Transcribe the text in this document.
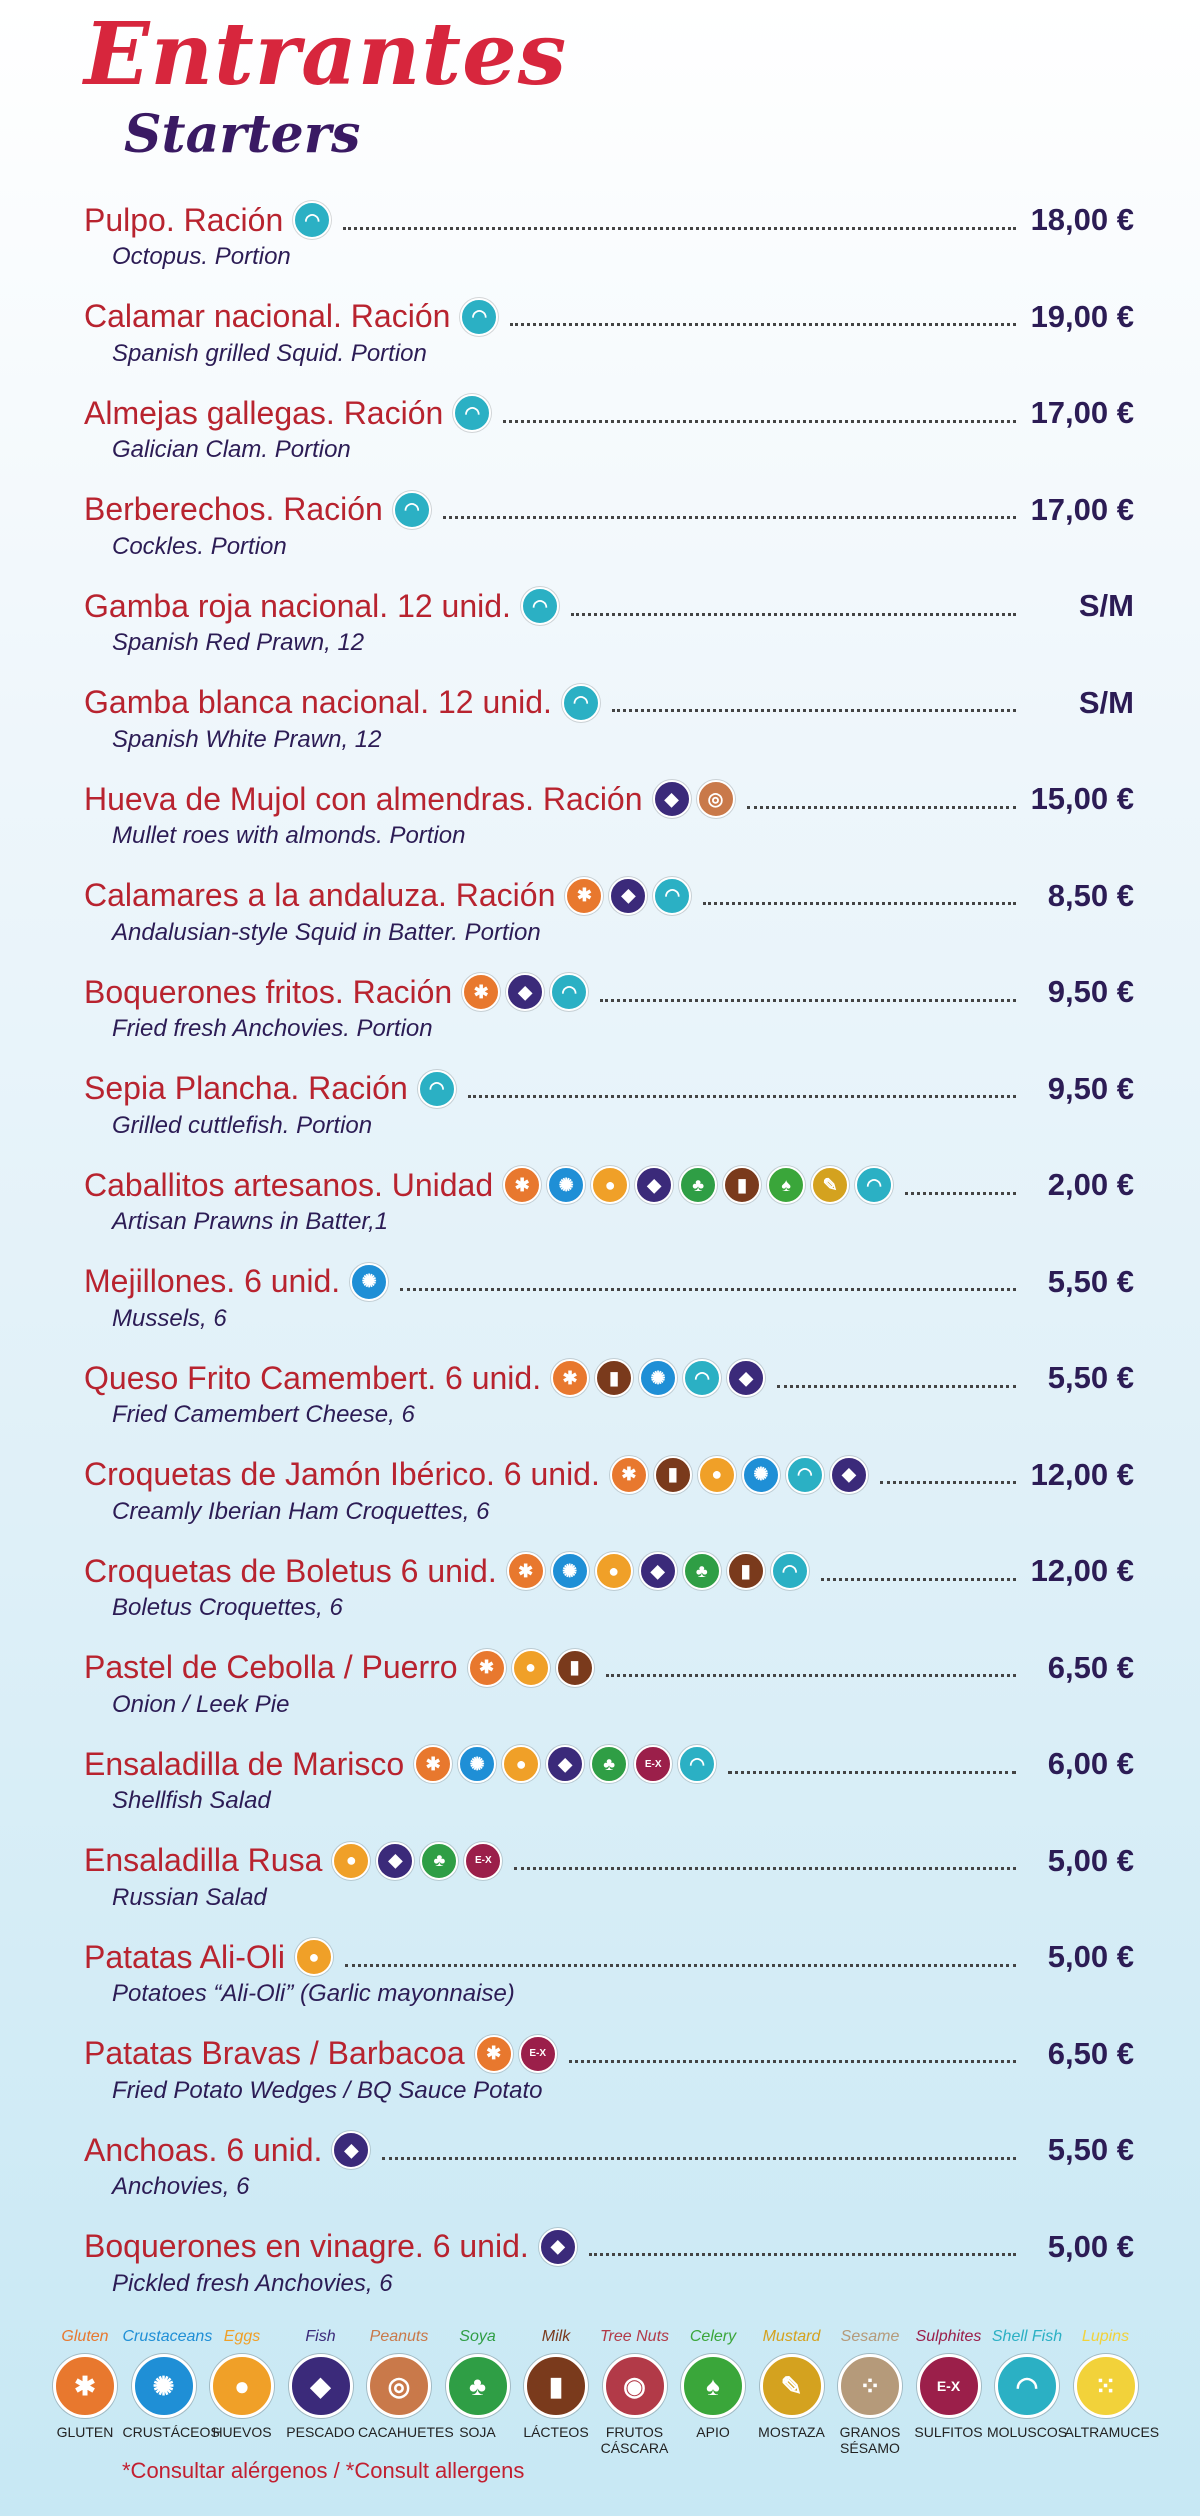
Entrantes
Starters
Pulpo. Ración	◠	18,00 €
Octopus. Portion
Calamar nacional. Ración	◠	19,00 €
Spanish grilled Squid. Portion
Almejas gallegas. Ración	◠	17,00 €
Galician Clam. Portion
Berberechos. Ración	◠	17,00 €
Cockles. Portion
Gamba roja nacional. 12 unid.	◠	S/M
Spanish Red Prawn, 12
Gamba blanca nacional. 12 unid.	◠	S/M
Spanish White Prawn, 12
Hueva de Mujol con almendras. Ración	◆	◎	15,00 €
Mullet roes with almonds. Portion
Calamares a la andaluza. Ración	✱	◆	◠	8,50 €
Andalusian-style Squid in Batter. Portion
Boquerones fritos. Ración	✱	◆	◠	9,50 €
Fried fresh Anchovies. Portion
Sepia Plancha. Ración	◠	9,50 €
Grilled cuttlefish. Portion
Caballitos artesanos. Unidad	✱	✺	●	◆	♣	▮	♠	✎	◠	2,00 €
Artisan Prawns in Batter,1
Mejillones. 6 unid.	✺	5,50 €
Mussels, 6
Queso Frito Camembert. 6 unid.	✱	▮	✺	◠	◆	5,50 €
Fried Camembert Cheese, 6
Croquetas de Jamón Ibérico. 6 unid.	✱	▮	●	✺	◠	◆	12,00 €
Creamly Iberian Ham Croquettes, 6
Croquetas de Boletus 6 unid.	✱	✺	●	◆	♣	▮	◠	12,00 €
Boletus Croquettes, 6
Pastel de Cebolla / Puerro	✱	●	▮	6,50 €
Onion / Leek Pie
Ensaladilla de Marisco	✱	✺	●	◆	♣	E-X	◠	6,00 €
Shellfish Salad
Ensaladilla Rusa	●	◆	♣	E-X	5,00 €
Russian Salad
Patatas Ali-Oli	●	5,00 €
Potatoes “Ali-Oli” (Garlic mayonnaise)
Patatas Bravas / Barbacoa	✱	E-X	6,50 €
Fried Potato Wedges / BQ Sauce Potato
Anchoas. 6 unid.	◆	5,50 €
Anchovies, 6
Boquerones en vinagre. 6 unid.	◆	5,00 €
Pickled fresh Anchovies, 6
Gluten
✱
GLUTEN
Crustaceans
✺
CRUSTÁCEOS
Eggs
●
HUEVOS
Fish
◆
PESCADO
Peanuts
◎
CACAHUETES
Soya
♣
SOJA
Milk
▮
LÁCTEOS
Tree Nuts
◉
FRUTOS CÁSCARA
Celery
♠
APIO
Mustard
✎
MOSTAZA
Sesame
⁘
GRANOS SÉSAMO
Sulphites
E-X
SULFITOS
Shell Fish
◠
MOLUSCOS
Lupins
⁙
ALTRAMUCES
*Consultar alérgenos / *Consult allergens
